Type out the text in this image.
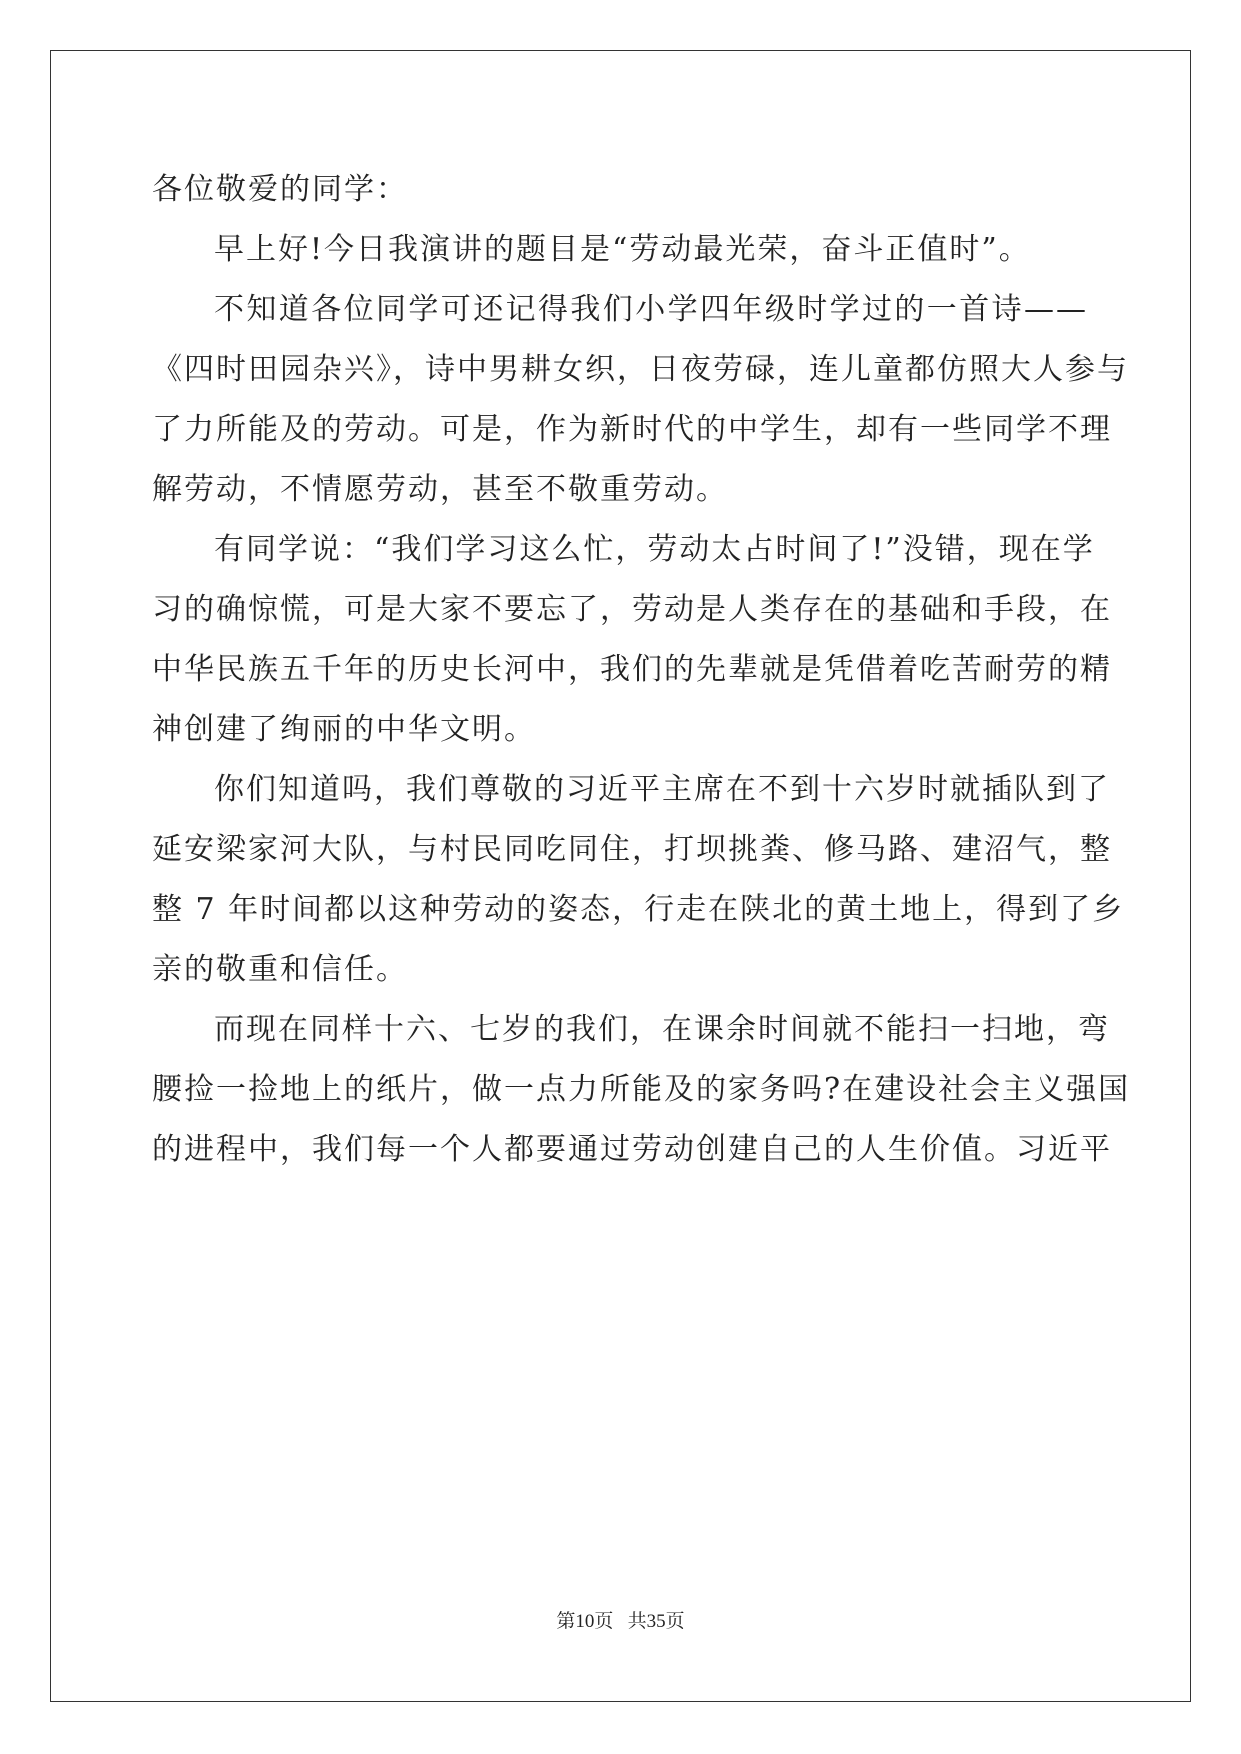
各位敬爱的同学：
早上好!今日我演讲的题目是“劳动最光荣，奋斗正值时”。
不知道各位同学可还记得我们小学四年级时学过的一首诗——
《四时田园杂兴》，诗中男耕女织，日夜劳碌，连儿童都仿照大人参与
了力所能及的劳动。可是，作为新时代的中学生，却有一些同学不理
解劳动，不情愿劳动，甚至不敬重劳动。
有同学说：“我们学习这么忙，劳动太占时间了!”没错，现在学
习的确惊慌，可是大家不要忘了，劳动是人类存在的基础和手段，在
中华民族五千年的历史长河中，我们的先辈就是凭借着吃苦耐劳的精
神创建了绚丽的中华文明。
你们知道吗，我们尊敬的习近平主席在不到十六岁时就插队到了
延安梁家河大队，与村民同吃同住，打坝挑粪、修马路、建沼气，整
整 7 年时间都以这种劳动的姿态，行走在陕北的黄土地上，得到了乡
亲的敬重和信任。
而现在同样十六、七岁的我们，在课余时间就不能扫一扫地，弯
腰捡一捡地上的纸片，做一点力所能及的家务吗?在建设社会主义强国
的进程中，我们每一个人都要通过劳动创建自己的人生价值。习近平
第10页 共35页
